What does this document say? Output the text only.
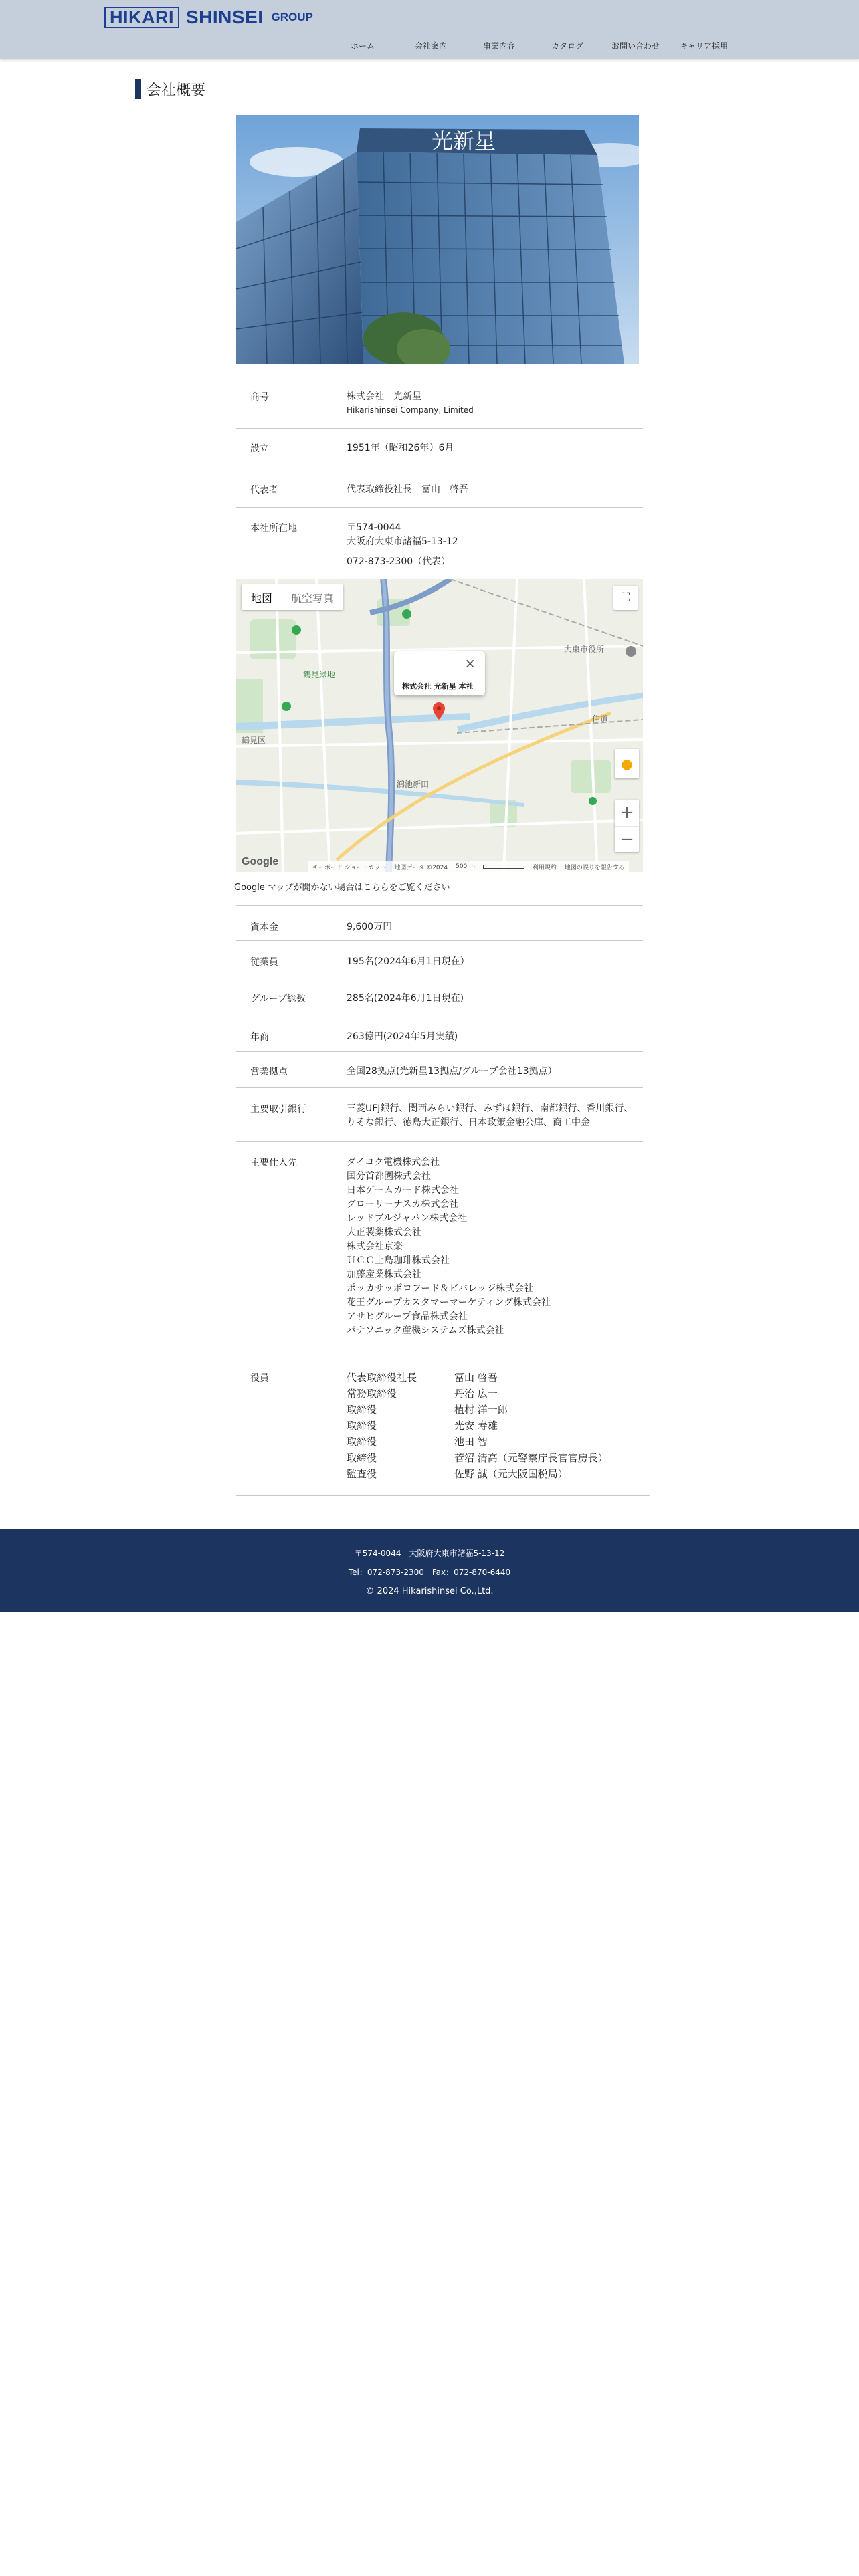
HIKARI SHINSEI GROUP
ホーム	会社案内	事業内容	カタログ	お問い合わせ キャリア採用
会社概要
光新星
商号	株式会社　光新星
Hikarishinsei Company, Limited
設立	1951年（昭和26年）6月
代表者	代表取締役社長　冨山　啓吾
本社所在地	〒574-0044
大阪府大東市諸福5-13-12
072-873-2300（代表）
地図	航空写真	⛶
株式会社 光新星 本社
×
大東市役所
住道
鶴見区
鶴見緑地
鴻池新田
●
+
−
Google
キーボード ショートカット 地図データ ©2024 500 m	利用規約 地図の誤りを報告する
Google マップが開かない場合はこちらをご覧ください
資本金	9,600万円
従業員	195名(2024年6月1日現在）
グループ総数	285名(2024年6月1日現在)
年商	263億円(2024年5月実績)
営業拠点	全国28拠点(光新星13拠点/グループ会社13拠点）
主要取引銀行	三菱UFJ銀行、関西みらい銀行、みずほ銀行、南都銀行、香川銀行、
りそな銀行、徳島大正銀行、日本政策金融公庫、商工中金
主要仕入先	ダイコク電機株式会社
国分首都圏株式会社
日本ゲームカード株式会社
グローリーナスカ株式会社
レッドブルジャパン株式会社
大正製薬株式会社
株式会社京楽
ＵＣＣ上島珈琲株式会社
加藤産業株式会社
ポッカサッポロフード＆ビバレッジ株式会社
花王グループカスタマーマーケティング株式会社
アサヒグループ食品株式会社
パナソニック産機システムズ株式会社
役員	代表取締役社長	冨山 啓吾
常務取締役	丹治 広一
取締役	植村 洋一郎
取締役	光安 寿雄
取締役	池田 智
取締役	菅沼 清高（元警察庁長官官房長）
監査役	佐野 誠（元大阪国税局）
〒574-0044　大阪府大東市諸福5-13-12
Tel：072-873-2300　Fax：072-870-6440
© 2024 Hikarishinsei Co.,Ltd.
